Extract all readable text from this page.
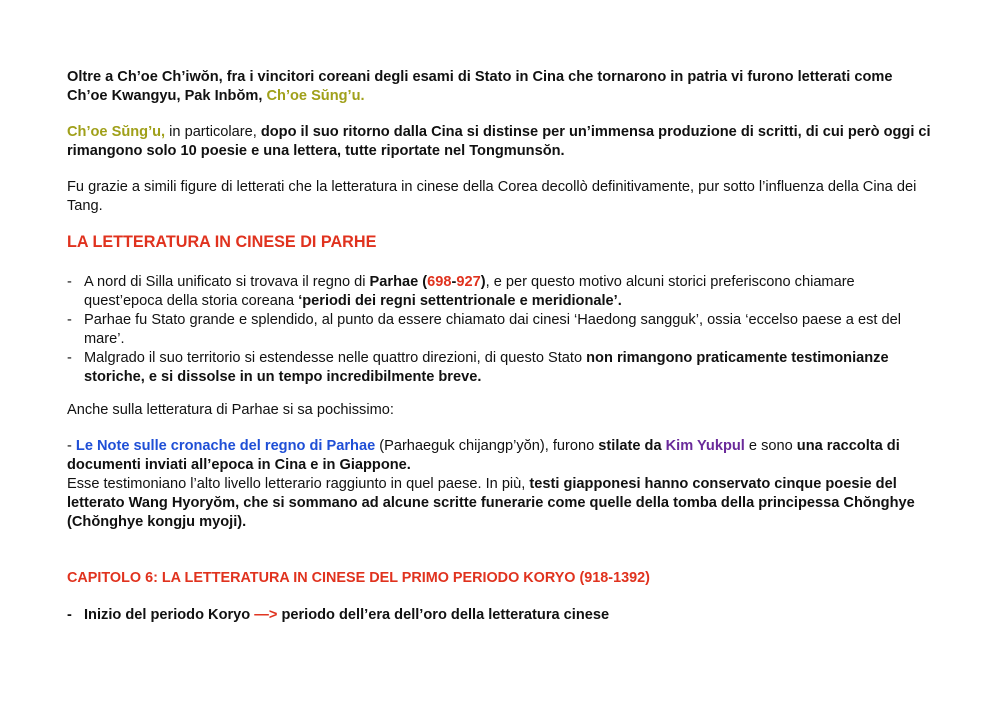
Oltre a Ch’oe Ch’iwŏn, fra i vincitori coreani degli esami di Stato in Cina che tornarono in patria vi furono letterati come Ch’oe Kwangyu, Pak Inbŏm, Ch’oe Sŭng’u.

Ch’oe Sŭng’u, in particolare, dopo il suo ritorno dalla Cina si distinse per un’immensa produzione di scritti, di cui però oggi ci rimangono solo 10 poesie e una lettera, tutte riportate nel Tongmunsŏn.

Fu grazie a simili figure di letterati che la letteratura in cinese della Corea decollò definitivamente, pur sotto l’influenza della Cina dei Tang.

LA LETTERATURA IN CINESE DI PARHE

- A nord di Silla unificato si trovava il regno di Parhae (698-927), e per questo motivo alcuni storici preferiscono chiamare quest’epoca della storia coreana ‘periodi dei regni settentrionale e meridionale’.
- Parhae fu Stato grande e splendido, al punto da essere chiamato dai cinesi ‘Haedong sangguk’, ossia ‘eccelso paese a est del mare’.
- Malgrado il suo territorio si estendesse nelle quattro direzioni, di questo Stato non rimangono praticamente testimonianze storiche, e si dissolse in un tempo incredibilmente breve.

Anche sulla letteratura di Parhae si sa pochissimo:

- Le Note sulle cronache del regno di Parhae (Parhaeguk chijangp’yŏn), furono stilate da Kim Yukpul e sono una raccolta di documenti inviati all’epoca in Cina e in Giappone.
Esse testimoniano l’alto livello letterario raggiunto in quel paese. In più, testi giapponesi hanno conservato cinque poesie del letterato Wang Hyoryŏm, che si sommano ad alcune scritte funerarie come quelle della tomba della principessa Chŏnghye (Chŏnghye kongju myoji).

CAPITOLO 6: LA LETTERATURA IN CINESE DEL PRIMO PERIODO KORYO (918-1392)

- Inizio del periodo Koryo —> periodo dell’era dell’oro della letteratura cinese
